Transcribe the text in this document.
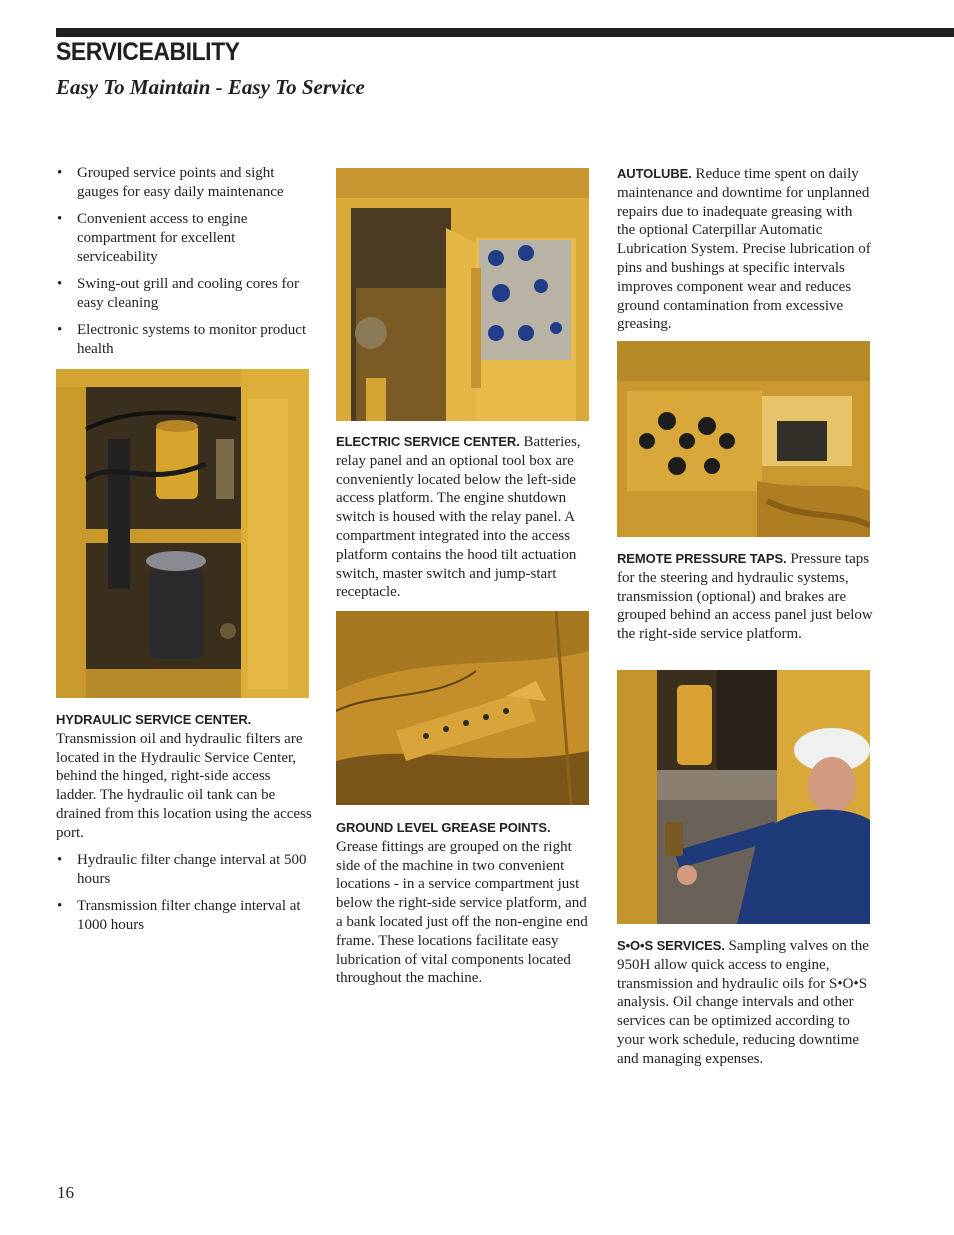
SERVICEABILITY
Easy To Maintain - Easy To Service
• Grouped service points and sight gauges for easy daily maintenance
• Convenient access to engine compartment for excellent serviceability
• Swing-out grill and cooling cores for easy cleaning
• Electronic systems to monitor product health

HYDRAULIC SERVICE CENTER.
Transmission oil and hydraulic filters are located in the Hydraulic Service Center, behind the hinged, right-side access ladder. The hydraulic oil tank can be drained from this location using the access port.

• Hydraulic filter change interval at 500 hours
• Transmission filter change interval at 1000 hours

ELECTRIC SERVICE CENTER. Batteries, relay panel and an optional tool box are conveniently located below the left-side access platform. The engine shutdown switch is housed with the relay panel. A compartment integrated into the access platform contains the hood tilt actuation switch, master switch and jump-start receptacle.

GROUND LEVEL GREASE POINTS.
Grease fittings are grouped on the right side of the machine in two convenient locations - in a service compartment just below the right-side service platform, and a bank located just off the non-engine end frame. These locations facilitate easy lubrication of vital components located throughout the machine.

AUTOLUBE. Reduce time spent on daily maintenance and downtime for unplanned repairs due to inadequate greasing with the optional Caterpillar Automatic Lubrication System. Precise lubrication of pins and bushings at specific intervals improves component wear and reduces ground contamination from excessive greasing.

REMOTE PRESSURE TAPS. Pressure taps for the steering and hydraulic systems, transmission (optional) and brakes are grouped behind an access panel just below the right-side service platform.

S•O•S SERVICES. Sampling valves on the 950H allow quick access to engine, transmission and hydraulic oils for S•O•S analysis. Oil change intervals and other services can be optimized according to your work schedule, reducing downtime and managing expenses.

16
